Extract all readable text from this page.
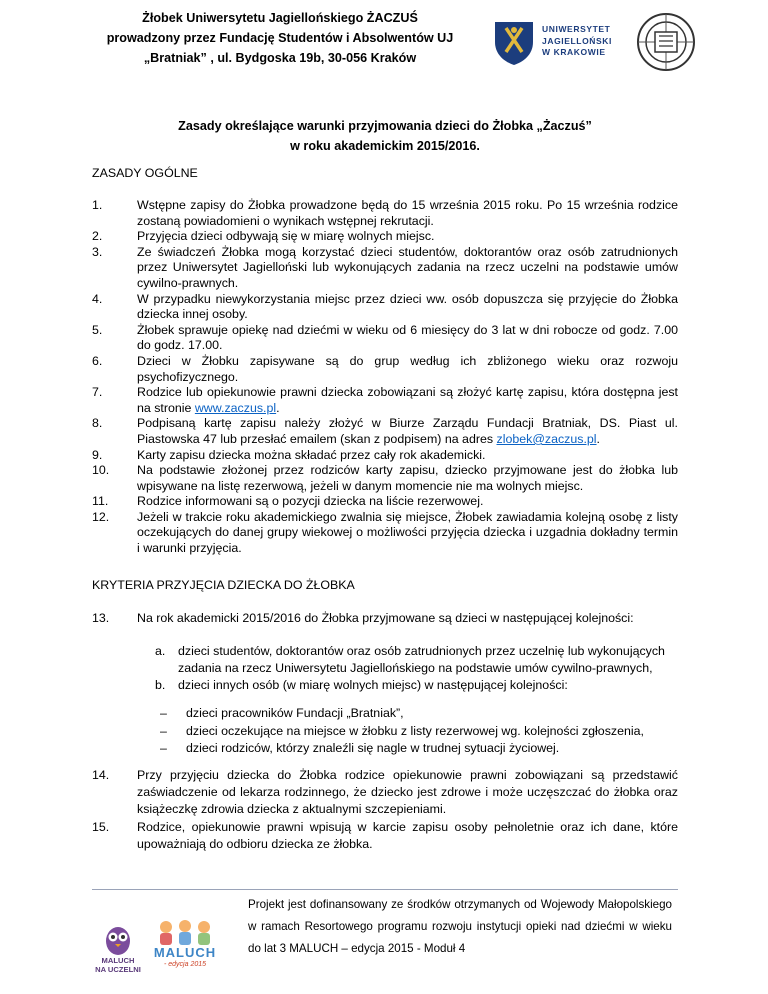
Żłobek Uniwersytetu Jagiellońskiego ŻACZUŚ
prowadzony przez Fundację Studentów i Absolwentów UJ
„Bratniak” , ul. Bydgoska 19b, 30-056 Kraków
UNIWERSYTET
JAGIELLOŃSKI
W KRAKOWIE
Zasady określające warunki przyjmowania dzieci do Żłobka „Żaczuś”
w roku akademickim 2015/2016.
ZASADY OGÓLNE
1.	Wstępne zapisy do Żłobka prowadzone będą do 15 września 2015 roku. Po 15 września rodzice zostaną powiadomieni o wynikach wstępnej rekrutacji.
2.	Przyjęcia dzieci odbywają się w miarę wolnych miejsc.
3.	Ze świadczeń Żłobka mogą korzystać dzieci studentów, doktorantów oraz osób zatrudnionych przez Uniwersytet Jagielloński lub wykonujących zadania na rzecz uczelni na podstawie umów cywilno-prawnych.
4.	W przypadku niewykorzystania miejsc przez dzieci ww. osób dopuszcza się przyjęcie do Żłobka dziecka innej osoby.
5.	Żłobek sprawuje opiekę nad dziećmi w wieku od 6 miesięcy do 3 lat w dni robocze od godz. 7.00 do godz. 17.00.
6.	Dzieci w Żłobku zapisywane są do grup według ich zbliżonego wieku oraz rozwoju psychofizycznego.
7.	Rodzice lub opiekunowie prawni dziecka zobowiązani są złożyć kartę zapisu, która dostępna jest na stronie www.zaczus.pl.
8.	Podpisaną kartę zapisu należy złożyć w Biurze Zarządu Fundacji Bratniak, DS. Piast ul. Piastowska 47 lub przesłać emailem (skan z podpisem) na adres zlobek@zaczus.pl.
9.	Karty zapisu dziecka można składać przez cały rok akademicki.
10.	Na podstawie złożonej przez rodziców karty zapisu, dziecko przyjmowane jest do żłobka lub wpisywane na listę rezerwową, jeżeli w danym momencie nie ma wolnych miejsc.
11.	Rodzice informowani są o pozycji dziecka na liście rezerwowej.
12.	Jeżeli w trakcie roku akademickiego zwalnia się miejsce, Żłobek zawiadamia kolejną osobę z listy oczekujących do danej grupy wiekowej o możliwości przyjęcia dziecka i uzgadnia dokładny termin i warunki przyjęcia.
KRYTERIA PRZYJĘCIA DZIECKA DO ŻŁOBKA
13.	Na rok akademicki 2015/2016 do Żłobka przyjmowane są dzieci w następującej kolejności:
a.	dzieci studentów, doktorantów oraz osób zatrudnionych przez uczelnię lub wykonujących zadania na rzecz Uniwersytetu Jagiellońskiego na podstawie umów cywilno-prawnych,
b.	dzieci innych osób (w miarę wolnych miejsc) w następującej kolejności:
–	dzieci pracowników Fundacji „Bratniak”,
–	dzieci oczekujące na miejsce w żłobku z listy rezerwowej wg. kolejności zgłoszenia,
–	dzieci rodziców, którzy znaleźli się nagle w trudnej sytuacji życiowej.
14.	Przy przyjęciu dziecka do Żłobka rodzice opiekunowie prawni zobowiązani są przedstawić zaświadczenie od lekarza rodzinnego, że dziecko jest zdrowe i może uczęszczać do żłobka oraz książeczkę zdrowia dziecka z aktualnymi szczepieniami.
15.	Rodzice, opiekunowie prawni wpisują w karcie zapisu osoby pełnoletnie oraz ich dane, które upoważniają do odbioru dziecka ze żłobka.
MALUCH
NA UCZELNI
MALUCH
- edycja 2015
Projekt jest dofinansowany ze środków otrzymanych od Wojewody Małopolskiego w ramach Resortowego programu rozwoju instytucji opieki nad dziećmi w wieku do lat 3 MALUCH – edycja 2015 - Moduł 4
